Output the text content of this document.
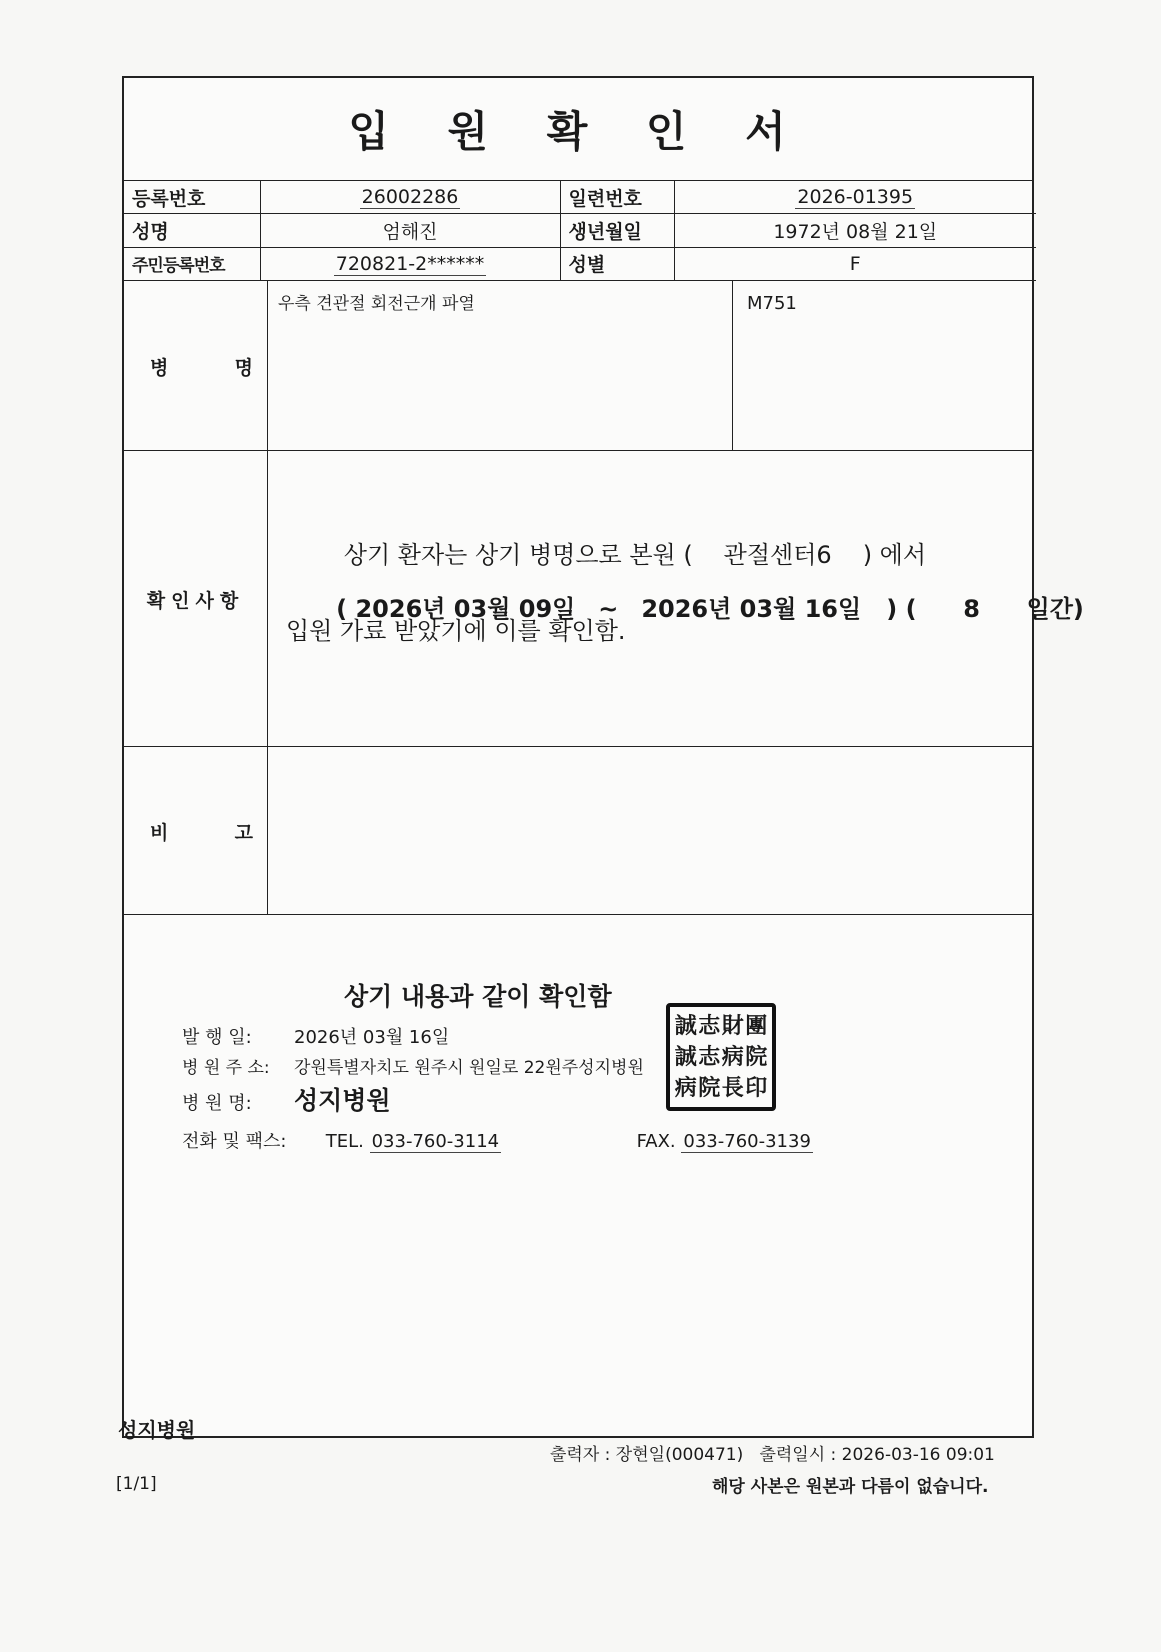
입 원 확 인 서
등록번호	26002286	일련번호	2026-01395
성명	엄해진	생년월일	1972년 08월 21일
주민등록번호	720821-2******	성별	F
병	명
우측 견관절 회전근개 파열	M751
확인사항

상기 환자는 상기 병명으로 본원 ( 관절센터6 ) 에서

( 2026년 03월 09일 ~ 2026년 03월 16일 ) ( 8 일간)

입원 가료 받았기에 이를 확인함.
비	고
상기 내용과 같이 확인함
발 행 일: 2026년 03월 16일
병 원 주 소: 강원특별자치도 원주시 원일로 22원주성지병원
병 원 명: 성지병원
전화 및 팩스: TEL. 033-760-3114	FAX. 033-760-3139
誠 志 財 團
誠 志 病 院
病 院 長 印
성지병원
출력자 : 장현일(000471) 출력일시 : 2026-03-16 09:01
[1/1]	해당 사본은 원본과 다름이 없습니다.
